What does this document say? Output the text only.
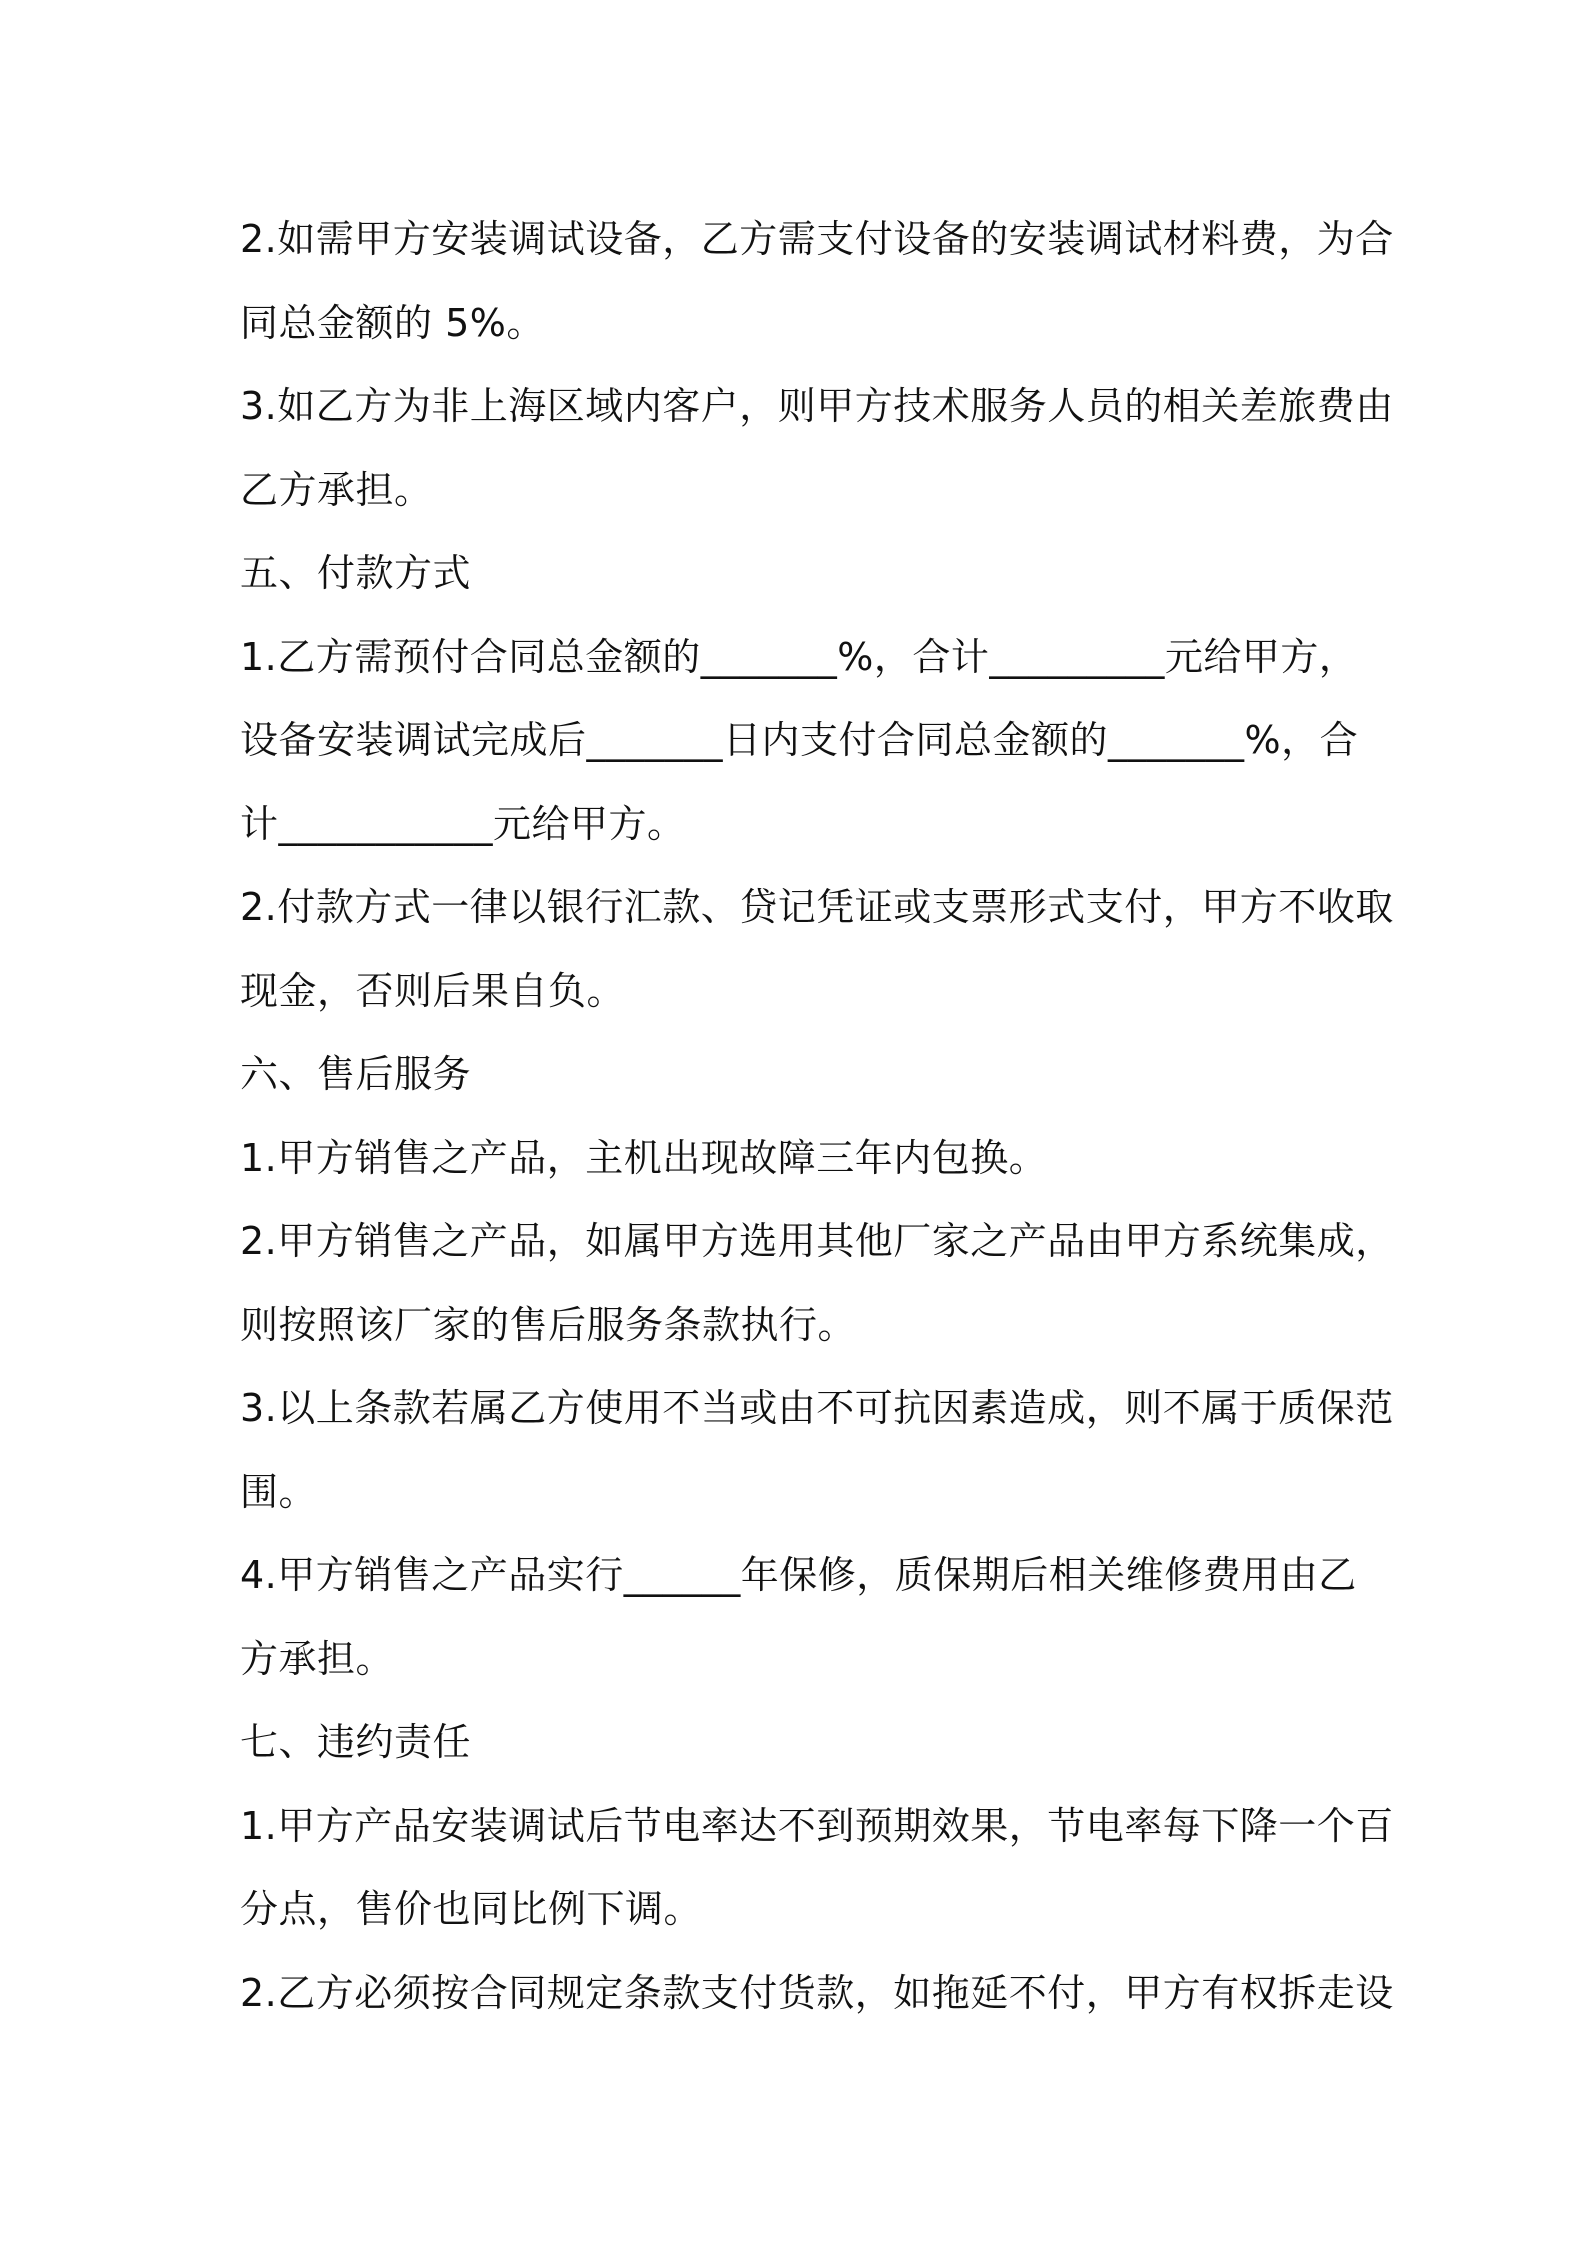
2.如需甲方安装调试设备，乙方需支付设备的安装调试材料费，为合
同总金额的 5%。

3.如乙方为非上海区域内客户，则甲方技术服务人员的相关差旅费由
乙方承担。

五、付款方式

1.乙方需预付合同总金额的_______%，合计_________元给甲方，
设备安装调试完成后_______日内支付合同总金额的_______%，合
计___________元给甲方。

2.付款方式一律以银行汇款、贷记凭证或支票形式支付，甲方不收取
现金，否则后果自负。

六、售后服务

1.甲方销售之产品，主机出现故障三年内包换。

2.甲方销售之产品，如属甲方选用其他厂家之产品由甲方系统集成，
则按照该厂家的售后服务条款执行。

3.以上条款若属乙方使用不当或由不可抗因素造成，则不属于质保范
围。

4.甲方销售之产品实行______年保修，质保期后相关维修费用由乙
方承担。

七、违约责任

1.甲方产品安装调试后节电率达不到预期效果，节电率每下降一个百
分点，售价也同比例下调。

2.乙方必须按合同规定条款支付货款，如拖延不付，甲方有权拆走设
